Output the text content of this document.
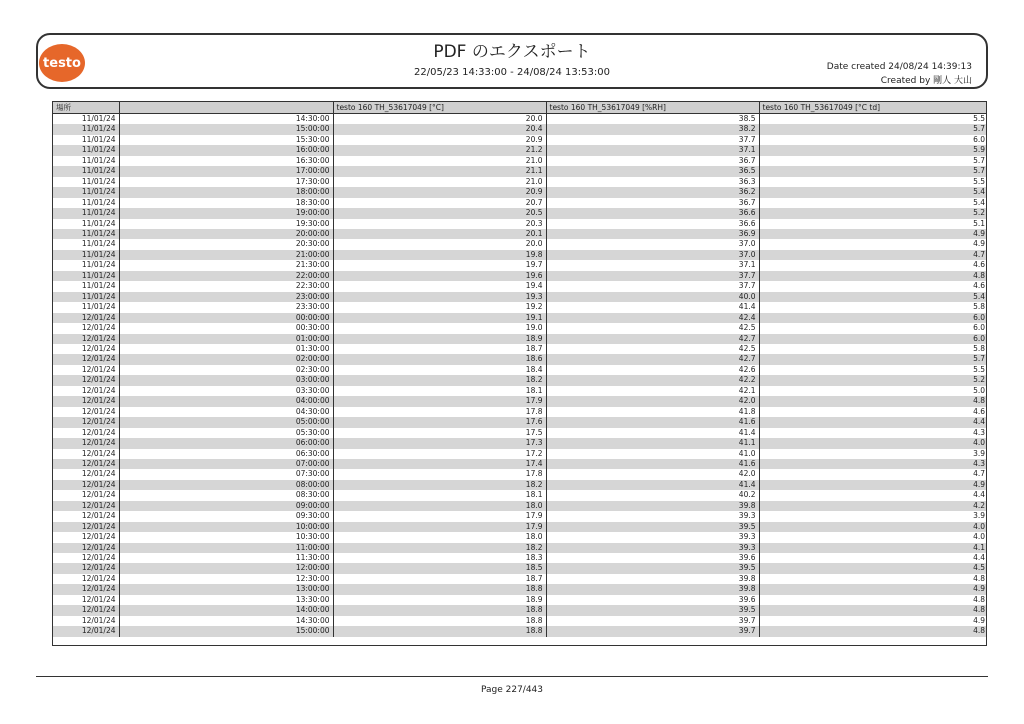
testo
PDF のエクスポート
22/05/23 14:33:00 - 24/08/24 13:53:00	Date created 24/08/24 14:39:13
Created by 剛人 大山
場所		testo 160 TH_53617049 [°C]	testo 160 TH_53617049 [%RH]	testo 160 TH_53617049 [°C td]
11/01/24	14:30:00	20.0	38.5	5.5
11/01/24	15:00:00	20.4	38.2	5.7
11/01/24	15:30:00	20.9	37.7	6.0
11/01/24	16:00:00	21.2	37.1	5.9
11/01/24	16:30:00	21.0	36.7	5.7
11/01/24	17:00:00	21.1	36.5	5.7
11/01/24	17:30:00	21.0	36.3	5.5
11/01/24	18:00:00	20.9	36.2	5.4
11/01/24	18:30:00	20.7	36.7	5.4
11/01/24	19:00:00	20.5	36.6	5.2
11/01/24	19:30:00	20.3	36.6	5.1
11/01/24	20:00:00	20.1	36.9	4.9
11/01/24	20:30:00	20.0	37.0	4.9
11/01/24	21:00:00	19.8	37.0	4.7
11/01/24	21:30:00	19.7	37.1	4.6
11/01/24	22:00:00	19.6	37.7	4.8
11/01/24	22:30:00	19.4	37.7	4.6
11/01/24	23:00:00	19.3	40.0	5.4
11/01/24	23:30:00	19.2	41.4	5.8
12/01/24	00:00:00	19.1	42.4	6.0
12/01/24	00:30:00	19.0	42.5	6.0
12/01/24	01:00:00	18.9	42.7	6.0
12/01/24	01:30:00	18.7	42.5	5.8
12/01/24	02:00:00	18.6	42.7	5.7
12/01/24	02:30:00	18.4	42.6	5.5
12/01/24	03:00:00	18.2	42.2	5.2
12/01/24	03:30:00	18.1	42.1	5.0
12/01/24	04:00:00	17.9	42.0	4.8
12/01/24	04:30:00	17.8	41.8	4.6
12/01/24	05:00:00	17.6	41.6	4.4
12/01/24	05:30:00	17.5	41.4	4.3
12/01/24	06:00:00	17.3	41.1	4.0
12/01/24	06:30:00	17.2	41.0	3.9
12/01/24	07:00:00	17.4	41.6	4.3
12/01/24	07:30:00	17.8	42.0	4.7
12/01/24	08:00:00	18.2	41.4	4.9
12/01/24	08:30:00	18.1	40.2	4.4
12/01/24	09:00:00	18.0	39.8	4.2
12/01/24	09:30:00	17.9	39.3	3.9
12/01/24	10:00:00	17.9	39.5	4.0
12/01/24	10:30:00	18.0	39.3	4.0
12/01/24	11:00:00	18.2	39.3	4.1
12/01/24	11:30:00	18.3	39.6	4.4
12/01/24	12:00:00	18.5	39.5	4.5
12/01/24	12:30:00	18.7	39.8	4.8
12/01/24	13:00:00	18.8	39.8	4.9
12/01/24	13:30:00	18.9	39.6	4.8
12/01/24	14:00:00	18.8	39.5	4.8
12/01/24	14:30:00	18.8	39.7	4.9
12/01/24	15:00:00	18.8	39.7	4.8
Page 227/443
